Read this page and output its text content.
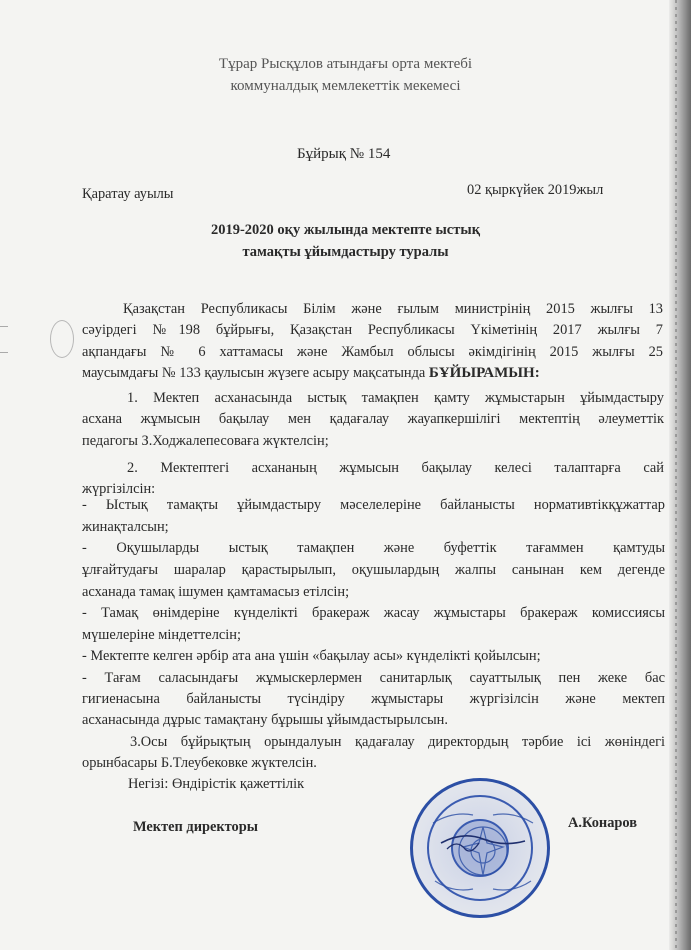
Тұрар Рысқұлов атындағы орта мектебі
коммуналдық мемлекеттік мекемесі
Бұйрық № 154
Қаратау ауылы	02 қыркүйек 2019жыл
2019-2020 оқу жылында мектепте ыстық
тамақты ұйымдастыру туралы
Қазақстан Республикасы Білім және ғылым министрінің 2015 жылғы 13
сәуірдегі №198 бұйрығы, Қазақстан Республикасы Үкіметінің 2017 жылғы 7
ақпандағы № 6 хаттамасы және Жамбыл облысы әкімдігінің 2015 жылғы 25
маусымдағы № 133 қаулысын жүзеге асыру мақсатында БҰЙЫРАМЫН:
1. Мектеп асханасында ыстық тамақпен қамту жұмыстарын ұйымдастыру
асхана жұмысын бақылау мен қадағалау жауапкершілігі мектептің әлеуметтік
педагогы З.Ходжалепесоваға жүктелсін;
2. Мектептегі асхананың жұмысын бақылау келесі талаптарға сай
жүргізілсін:
- Ыстық тамақты ұйымдастыру мәселелеріне байланысты нормативтікқұжаттар
жинақталсын;
- Оқушыларды ыстық тамақпен және буфеттік тағаммен қамтуды
ұлғайтудағы шаралар қарастырылып, оқушылардың жалпы санынан кем дегенде
асханада тамақ ішумен қамтамасыз етілсін;
- Тамақ өнімдеріне күнделікті бракераж жасау жұмыстары бракераж комиссиясы
мүшелеріне міндеттелсін;
- Мектепте келген әрбір ата ана үшін «бақылау асы» күнделікті қойылсын;
- Тағам саласындағы жұмыскерлермен санитарлық сауаттылық пен жеке бас
гигиенасына байланысты түсіндіру жұмыстары жүргізілсін және мектеп
асханасында дұрыс тамақтану бұрышы ұйымдастырылсын.
3.Осы бұйрықтың орындалуын қадағалау директордың тәрбие ісі жөніндегі
орынбасары Б.Тлеубековке жүктелсін.
Негізі: Өндірістік қажеттілік
Мектеп директоры	А.Конаров
